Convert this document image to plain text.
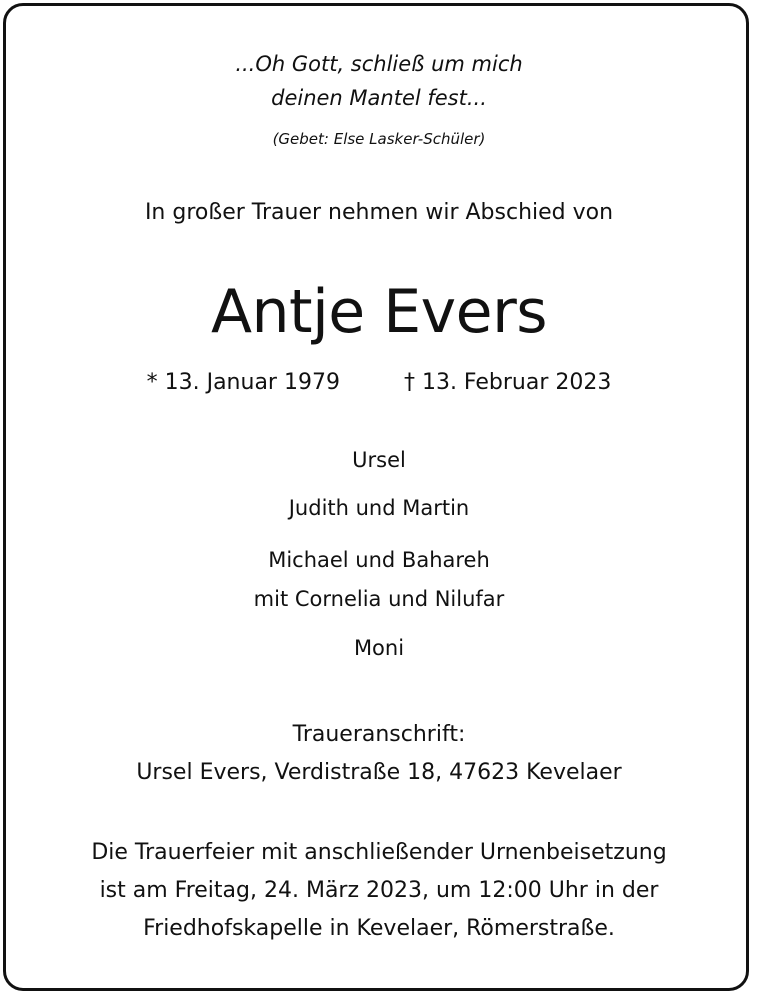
...Oh Gott, schließ um mich
deinen Mantel fest...
(Gebet: Else Lasker-Schüler)
In großer Trauer nehmen wir Abschied von
Antje Evers
* 13. Januar 1979	† 13. Februar 2023
Ursel
Judith und Martin
Michael und Bahareh
mit Cornelia und Nilufar
Moni
Traueranschrift:
Ursel Evers, Verdistraße 18, 47623 Kevelaer
Die Trauerfeier mit anschließender Urnenbeisetzung
ist am Freitag, 24. März 2023, um 12:00 Uhr in der
Friedhofskapelle in Kevelaer, Römerstraße.
